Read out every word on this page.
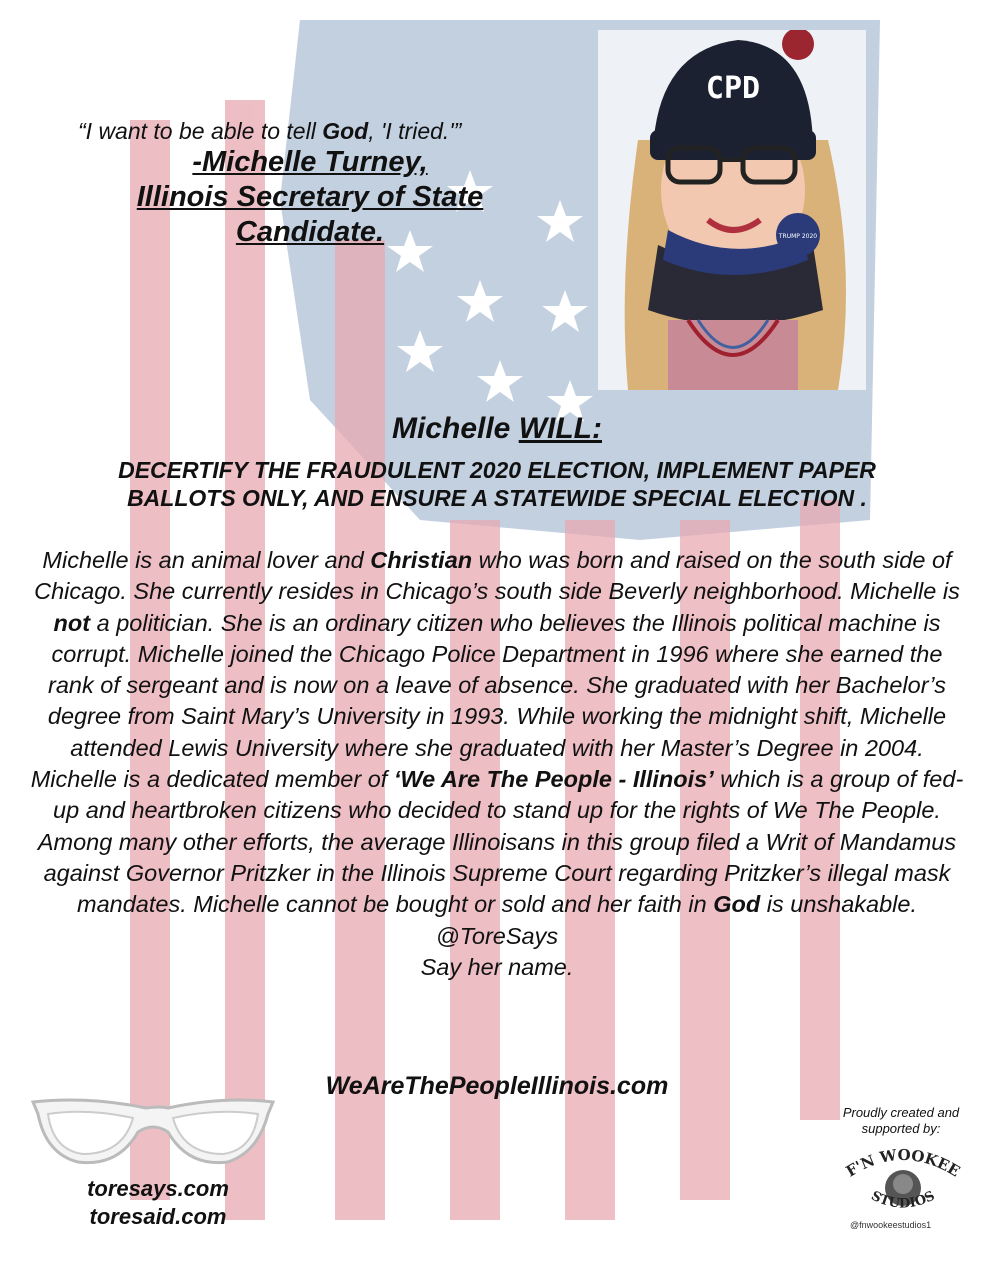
“I want to be able to tell God, 'I tried.'”
-Michelle Turney,
Illinois Secretary of State
Candidate.
CPD
TRUMP 2020
Michelle WILL:
DECERTIFY THE FRAUDULENT 2020 ELECTION, IMPLEMENT PAPER
BALLOTS ONLY, AND ENSURE A STATEWIDE SPECIAL ELECTION .
Michelle is an animal lover and Christian who was born and raised on the south side of Chicago. She currently resides in Chicago’s south side Beverly neighborhood. Michelle is not a politician. She is an ordinary citizen who believes the Illinois political machine is corrupt. Michelle joined the Chicago Police Department in 1996 where she earned the rank of sergeant and is now on a leave of absence. She graduated with her Bachelor’s degree from Saint Mary’s University in 1993. While working the midnight shift, Michelle attended Lewis University where she graduated with her Master’s Degree in 2004. Michelle is a dedicated member of ‘We Are The People - Illinois’ which is a group of fed-up and heartbroken citizens who decided to stand up for the rights of We The People. Among many other efforts, the average Illinoisans in this group filed a Writ of Mandamus against Governor Pritzker in the Illinois Supreme Court regarding Pritzker’s illegal mask mandates. Michelle cannot be bought or sold and her faith in God is unshakable.
@ToreSays
Say her name.
WeAreThePeopleIllinois.com
toresays.com
toresaid.com
Proudly created and
supported by:
F'N WOOKEE
STUDIOS
@fnwookeestudios1
